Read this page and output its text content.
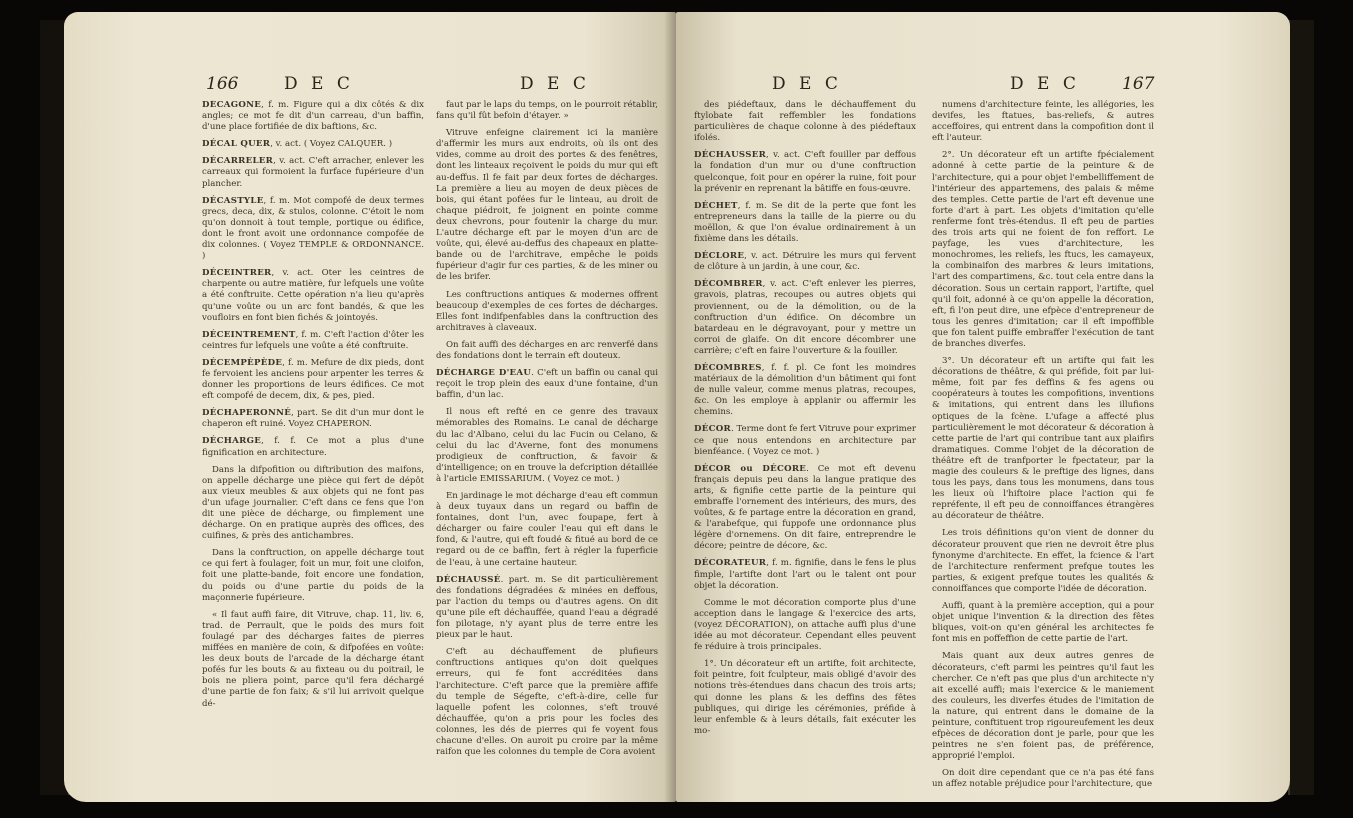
166	D E C	D E C

DÉCAGONE, f. m. Figure qui a dix côtés & dix angles; ce mot fe dit d'un carreau, d'un baffin, d'une place fortifiée de dix baftions, &c.

DÉCAL QUER, v. act. ( Voyez CALQUER. )

DÉCARRELER, v. act. C'eft arracher, enlever les carreaux qui formoient la furface fupérieure d'un plancher.

DÉCASTYLE, f. m. Mot compofé de deux termes grecs, deca, dix, & stulos, colonne. C'étoit le nom qu'on donnoit à tout temple, portique ou édifice, dont le front avoit une ordonnance compofée de dix colonnes. ( Voyez TEMPLE & ORDONNANCE. )

DÉCEINTRER, v. act. Oter les ceintres de charpente ou autre matière, fur lefquels une voûte a été conftruite. Cette opération n'a lieu qu'après qu'une voûte ou un arc font bandés, & que les voufloirs en font bien fichés & jointoyés.

DÉCEINTREMENT, f. m. C'eft l'action d'ôter les ceintres fur lefquels une voûte a été conftruite.

DÉCEMPÈPÈDE, f. m. Mefure de dix pieds, dont fe fervoient les anciens pour arpenter les terres & donner les proportions de leurs édifices. Ce mot eft compofé de decem, dix, & pes, pied.

DÉCHAPERONNÉ, part. Se dit d'un mur dont le chaperon eft ruiné. Voyez CHAPERON.

DÉCHARGE, f. f. Ce mot a plus d'une fignification en architecture.

Dans la difpofition ou diftribution des maifons, on appelle décharge une pièce qui fert de dépôt aux vieux meubles & aux objets qui ne font pas d'un ufage journalier. C'eft dans ce fens que l'on dit une pièce de décharge, ou fimplement une décharge. On en pratique auprès des offices, des cuifines, & près des antichambres.

Dans la conftruction, on appelle décharge tout ce qui fert à foulager, foit un mur, foit une cloifon, foit une platte-bande, foit encore une fondation, du poids ou d'une partie du poids de la maçonnerie fupérieure.

« Il faut auffi faire, dit Vitruve, chap. 11, liv. 6, trad. de Perrault, que le poids des murs foit foulagé par des décharges faites de pierres miffées en manière de coin, & difpofées en voûte: les deux bouts de l'arcade de la décharge étant pofés fur les bouts & au fixteau ou du poitrail, le bois ne pliera point, parce qu'il fera déchargé d'une partie de fon faix; & s'il lui arrivoit quelque dé-

faut par le laps du temps, on le pourroit rétablir, fans qu'il fût befoin d'étayer. »

Vitruve enfeigne clairement ici la manière d'affermir les murs aux endroits, où ils ont des vides, comme au droit des portes & des fenêtres, dont les linteaux reçoivent le poids du mur qui eft au-deffus. Il fe fait par deux fortes de décharges. La première a lieu au moyen de deux pièces de bois, qui étant pofées fur le linteau, au droit de chaque piédroit, fe joignent en pointe comme deux chevrons, pour foutenir la charge du mur. L'autre décharge eft par le moyen d'un arc de voûte, qui, élevé au-deffus des chapeaux en platte-bande ou de l'architrave, empêche le poids fupérieur d'agir fur ces parties, & de les miner ou de les brifer.

Les conftructions antiques & modernes offrent beaucoup d'exemples de ces fortes de décharges. Elles font indifpenfables dans la conftruction des architraves à claveaux.

On fait auffi des décharges en arc renverfé dans des fondations dont le terrain eft douteux.

DÉCHARGE D'EAU. C'eft un baffin ou canal qui reçoit le trop plein des eaux d'une fontaine, d'un baffin, d'un lac.

Il nous eft refté en ce genre des travaux mémorables des Romains. Le canal de décharge du lac d'Albano, celui du lac Fucin ou Celano, & celui du lac d'Averne, font des monumens prodigieux de conftruction, & favoir & d'intelligence; on en trouve la defcription détaillée à l'article EMISSARIUM. ( Voyez ce mot. )

En jardinage le mot décharge d'eau eft commun à deux tuyaux dans un regard ou baffin de fontaines, dont l'un, avec foupape, fert à décharger ou faire couler l'eau qui eft dans le fond, & l'autre, qui eft foudé & fitué au bord de ce regard ou de ce baffin, fert à régler la fuperficie de l'eau, à une certaine hauteur.

DÉCHAUSSÉ. part. m. Se dit particulièrement des fondations dégradées & minées en deffous, par l'action du temps ou d'autres agens. On dit qu'une pile eft déchauffée, quand l'eau a dégradé fon pilotage, n'y ayant plus de terre entre les pieux par le haut.

C'eft au déchauffement de plufieurs conftructions antiques qu'on doit quelques erreurs, qui fe font accréditées dans l'architecture. C'eft parce que la première affife du temple de Ségefte, c'eft-à-dire, celle fur laquelle pofent les colonnes, s'eft trouvé déchauffée, qu'on a pris pour les focles des colonnes, les dés de pierres qui fe voyent fous chacune d'elles. On auroit pu croire par la même raifon que les colonnes du temple de Cora avoient

D E C	D E C 167

des piédeftaux, dans le déchauffement du ftylobate fait reffembler les fondations particulières de chaque colonne à des piédeftaux ifolés.

DÉCHAUSSER, v. act. C'eft fouiller par deffous la fondation d'un mur ou d'une conftruction quelconque, foit pour en opérer la ruine, foit pour la prévenir en reprenant la bâtiffe en fous-œuvre.

DÉCHET, f. m. Se dit de la perte que font les entrepreneurs dans la taille de la pierre ou du moëllon, & que l'on évalue ordinairement à un fixième dans les détails.

DÉCLORE, v. act. Détruire les murs qui fervent de clôture à un jardin, à une cour, &c.

DÉCOMBRER, v. act. C'eft enlever les pierres, gravois, platras, recoupes ou autres objets qui proviennent, ou de la démolition, ou de la conftruction d'un édifice. On décombre un batardeau en le dégravoyant, pour y mettre un corroi de glaife. On dit encore décombrer une carrière; c'eft en faire l'ouverture & la fouiller.

DÉCOMBRES, f. f. pl. Ce font les moindres matériaux de la démolition d'un bâtiment qui font de nulle valeur, comme menus platras, recoupes, &c. On les employe à applanir ou affermir les chemins.

DÉCOR. Terme dont fe fert Vitruve pour exprimer ce que nous entendons en architecture par bienféance. ( Voyez ce mot. )

DÉCOR ou DÉCORE. Ce mot eft devenu français depuis peu dans la langue pratique des arts, & fignifie cette partie de la peinture qui embraffe l'ornement des intérieurs, des murs, des voûtes, & fe partage entre la décoration en grand, & l'arabefque, qui fuppofe une ordonnance plus légère d'ornemens. On dit faire, entreprendre le décore; peintre de décore, &c.

DÉCORATEUR, f. m. fignifie, dans le fens le plus fimple, l'artifte dont l'art ou le talent ont pour objet la décoration.

Comme le mot décoration comporte plus d'une acception dans le langage & l'exercice des arts, (voyez DÉCORATION), on attache auffi plus d'une idée au mot décorateur. Cependant elles peuvent fe réduire à trois principales.

1°. Un décorateur eft un artifte, foit architecte, foit peintre, foit fculpteur, mais obligé d'avoir des notions très-étendues dans chacun des trois arts; qui donne les plans & les deffins des fêtes publiques, qui dirige les cérémonies, préfide à leur enfemble & à leurs détails, fait exécuter les mo-

numens d'architecture feinte, les allégories, les devifes, les ftatues, bas-reliefs, & autres acceffoires, qui entrent dans la compofition dont il eft l'auteur.

2°. Un décorateur eft un artifte fpécialement adonné à cette partie de la peinture & de l'architecture, qui a pour objet l'embelliffement de l'intérieur des appartemens, des palais & même des temples. Cette partie de l'art eft devenue une forte d'art à part. Les objets d'imitation qu'elle renferme font très-étendus. Il eft peu de parties des trois arts qui ne foient de fon reffort. Le payfage, les vues d'architecture, les monochromes, les reliefs, les ftucs, les camayeux, la combinaifon des marbres & leurs imitations, l'art des compartimens, &c. tout cela entre dans la décoration. Sous un certain rapport, l'artifte, quel qu'il foit, adonné à ce qu'on appelle la décoration, eft, fi l'on peut dire, une efpèce d'entrepreneur de tous les genres d'imitation; car il eft impoffible que fon talent puiffe embraffer l'exécution de tant de branches diverfes.

3°. Un décorateur eft un artifte qui fait les décorations de théâtre, & qui préfide, foit par lui-même, foit par fes deffins & fes agens ou coopérateurs à toutes les compofitions, inventions & imitations, qui entrent dans les illufions optiques de la fcène. L'ufage a affecté plus particulièrement le mot décorateur & décoration à cette partie de l'art qui contribue tant aux plaifirs dramatiques. Comme l'objet de la décoration de théâtre eft de tranfporter le fpectateur, par la magie des couleurs & le preftige des lignes, dans tous les pays, dans tous les monumens, dans tous les lieux où l'hiftoire place l'action qui fe repréfente, il eft peu de connoiffances étrangères au décorateur de théâtre.

Les trois définitions qu'on vient de donner du décorateur prouvent que rien ne devroit être plus fynonyme d'architecte. En effet, la fcience & l'art de l'architecture renferment prefque toutes les parties, & exigent prefque toutes les qualités & connoiffances que comporte l'idée de décoration.

Auffi, quant à la première acception, qui a pour objet unique l'invention & la direction des fêtes bliques, voit-on qu'en général les architectes fe font mis en poffeffion de cette partie de l'art.

Mais quant aux deux autres genres de décorateurs, c'eft parmi les peintres qu'il faut les chercher. Ce n'eft pas que plus d'un architecte n'y ait excellé auffi; mais l'exercice & le maniement des couleurs, les diverfes études de l'imitation de la nature, qui entrent dans le domaine de la peinture, conftituent trop rigoureufement les deux efpèces de décoration dont je parle, pour que les peintres ne s'en foient pas, de préférence, approprié l'emploi.

On doit dire cependant que ce n'a pas été fans un affez notable préjudice pour l'architecture, que
